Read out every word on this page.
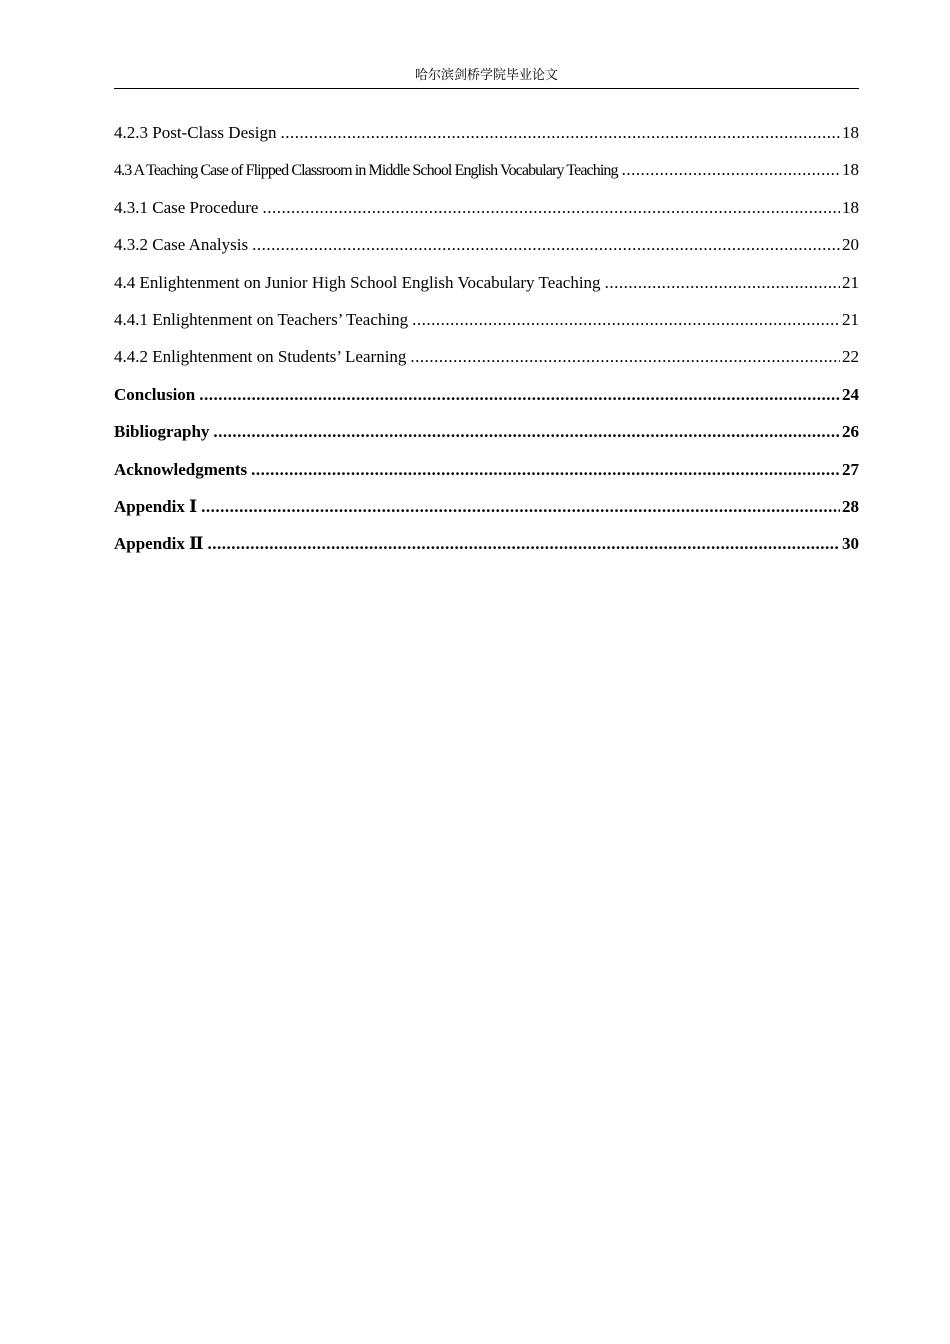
哈尔滨剑桥学院毕业论文
4.2.3 Post-Class Design .....	18
4.3 A Teaching Case of Flipped Classroom in Middle School English Vocabulary Teaching .....	18
4.3.1 Case Procedure .....	18
4.3.2 Case Analysis .....	20
4.4 Enlightenment on Junior High School English Vocabulary Teaching .....	21
4.4.1 Enlightenment on Teachers’ Teaching .....	21
4.4.2 Enlightenment on Students’ Learning .....	22
Conclusion .....	24
Bibliography .....	26
Acknowledgments .....	27
Appendix Ⅰ .....	28
Appendix Ⅱ .....	30
